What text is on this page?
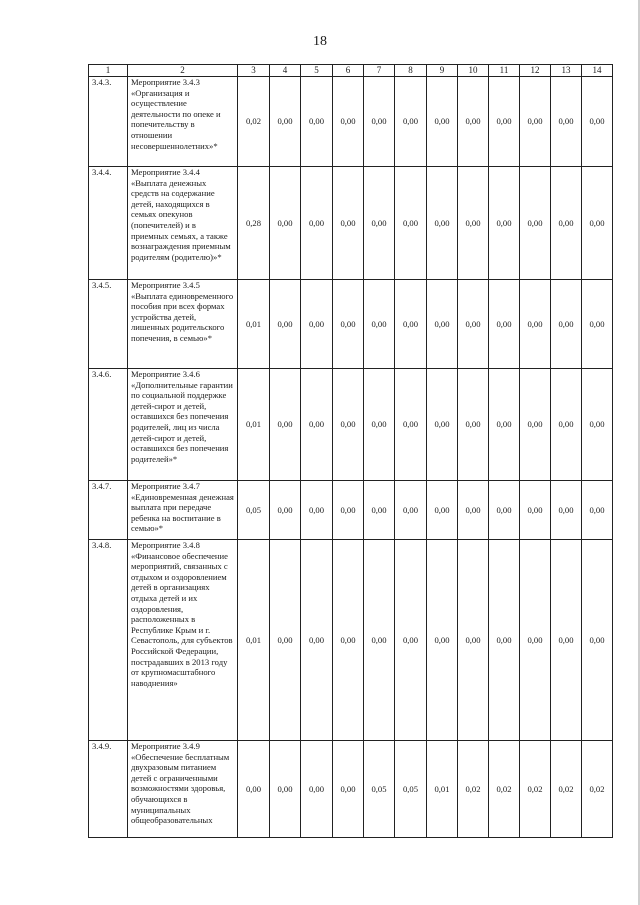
18
1	2	3	4	5	6	7	8	9	10	11	12	13	14
3.4.3.	Мероприятие 3.4.3 «Организация и осуществление деятельности по опеке и попечительству в отношении несовершеннолетних»*	0,02	0,00	0,00	0,00	0,00	0,00	0,00	0,00	0,00	0,00	0,00	0,00
3.4.4.	Мероприятие 3.4.4 «Выплата денежных средств на содержание детей, находящихся в семьях опекунов (попечителей) и в приемных семьях, а также вознаграждения приемным родителям (родителю)»*	0,28	0,00	0,00	0,00	0,00	0,00	0,00	0,00	0,00	0,00	0,00	0,00
3.4.5.	Мероприятие 3.4.5 «Выплата единовременного пособия при всех формах устройства детей, лишенных родительского попечения, в семью»*	0,01	0,00	0,00	0,00	0,00	0,00	0,00	0,00	0,00	0,00	0,00	0,00
3.4.6.	Мероприятие 3.4.6 «Дополнительные гарантии по социальной поддержке детей-сирот и детей, оставшихся без попечения родителей, лиц из числа детей-сирот и детей, оставшихся без попечения родителей»*	0,01	0,00	0,00	0,00	0,00	0,00	0,00	0,00	0,00	0,00	0,00	0,00
3.4.7.	Мероприятие 3.4.7 «Единовременная денежная выплата при передаче ребенка на воспитание в семью»*	0,05	0,00	0,00	0,00	0,00	0,00	0,00	0,00	0,00	0,00	0,00	0,00
3.4.8.	Мероприятие 3.4.8 «Финансовое обеспечение мероприятий, связанных с отдыхом и оздоровлением детей в организациях отдыха детей и их оздоровления, расположенных в Республике Крым и г. Севастополь, для субъектов Российской Федерации, пострадавших в 2013 году от крупномасштабного наводнения»	0,01	0,00	0,00	0,00	0,00	0,00	0,00	0,00	0,00	0,00	0,00	0,00
3.4.9.	Мероприятие 3.4.9 «Обеспечение бесплатным двухразовым питанием детей с ограниченными возможностями здоровья, обучающихся в муниципальных общеобразовательных	0,00	0,00	0,00	0,00	0,05	0,05	0,01	0,02	0,02	0,02	0,02	0,02
